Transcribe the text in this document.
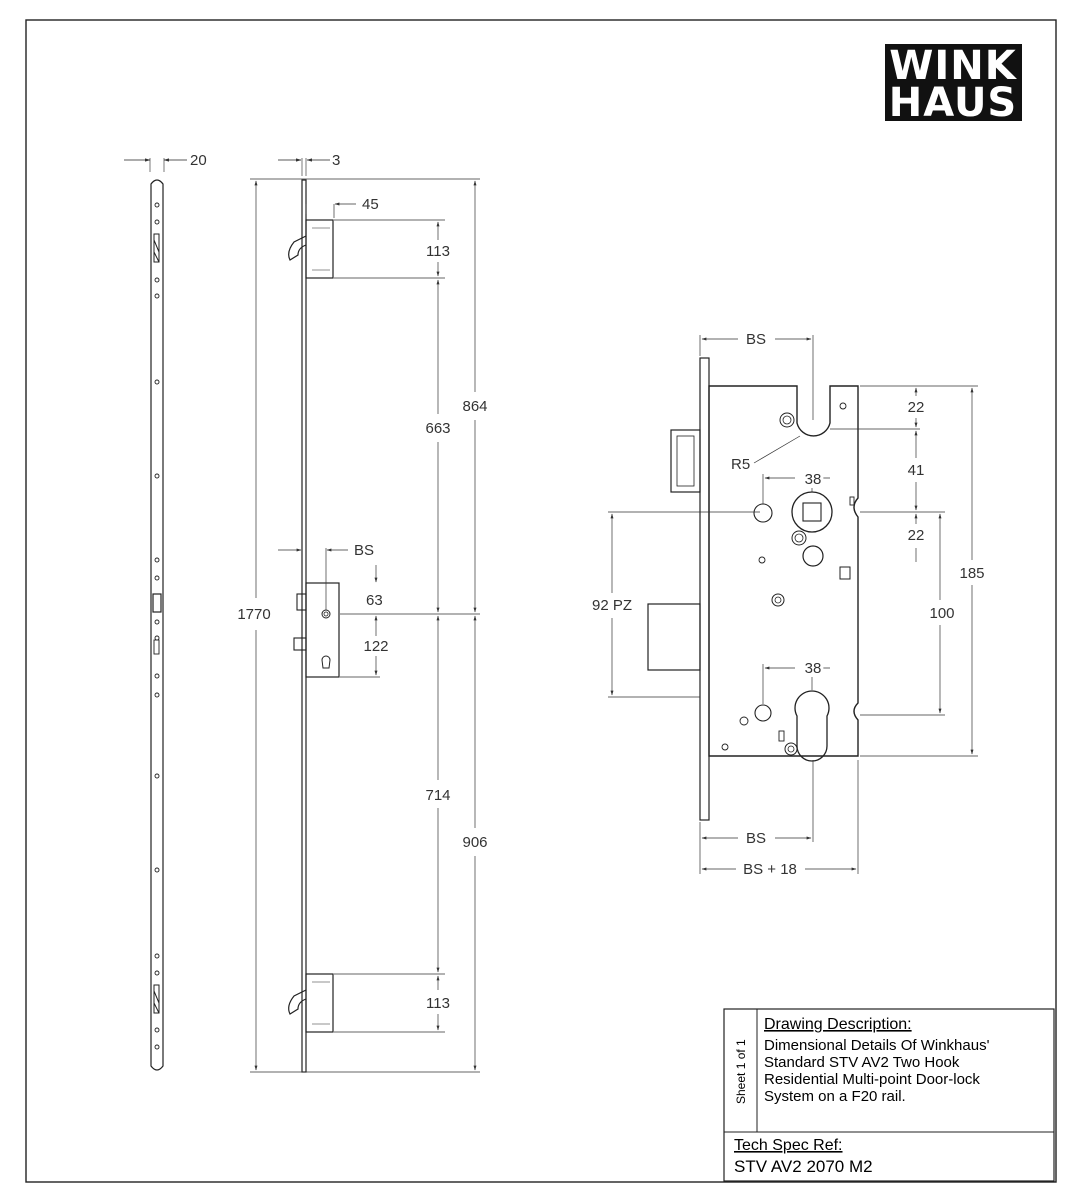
WINK
HAUS
20	3
45
113
663
864
1770
BS
63
122
714
906
113
BS
R5
22
41
22
38
185
100
92 PZ
38
BS
BS + 18
Sheet 1 of 1
Drawing Description:
Dimensional Details Of Winkhaus'
Standard STV AV2 Two Hook
Residential Multi-point Door-lock
System on a F20 rail.
Tech Spec Ref:
STV AV2 2070 M2
